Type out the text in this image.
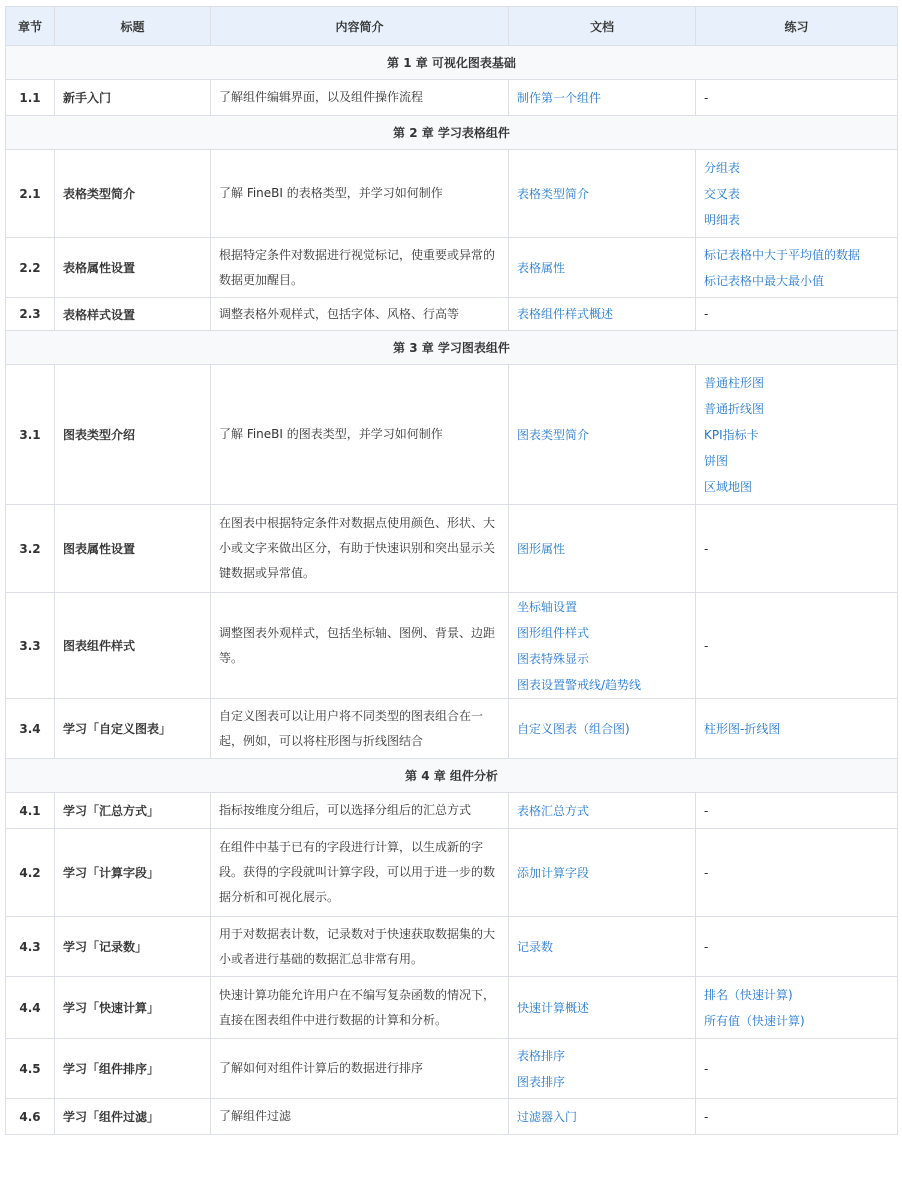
章节	标题	内容简介	文档	练习
第 1 章 可视化图表基础				
1.1	新手入门	了解组件编辑界面，以及组件操作流程	制作第一个组件	-
第 2 章 学习表格组件				
2.1	表格类型简介	了解 FineBI 的表格类型，并学习如何制作	表格类型简介	分组表
交叉表
明细表

2.2	表格属性设置	根据特定条件对数据进行视觉标记，使重要或异常的数据更加醒目。	表格属性	标记表格中大于平均值的数据
标记表格中最大最小值

2.3	表格样式设置	调整表格外观样式，包括字体、风格、行高等	表格组件样式概述	-
第 3 章 学习图表组件				
3.1	图表类型介绍	了解 FineBI 的图表类型，并学习如何制作	图表类型简介	普通柱形图
普通折线图
KPI指标卡
饼图
区域地图

3.2	图表属性设置	在图表中根据特定条件对数据点使用颜色、形状、大小或文字来做出区分，有助于快速识别和突出显示关键数据或异常值。	图形属性	-
3.3	图表组件样式	调整图表外观样式，包括坐标轴、图例、背景、边距等。	坐标轴设置
图形组件样式
图表特殊显示
图表设置警戒线/趋势线	-
3.4	学习「自定义图表」	自定义图表可以让用户将不同类型的图表组合在一起，例如，可以将柱形图与折线图结合	自定义图表（组合图)	柱形图-折线图

第 4 章 组件分析				
4.1	学习「汇总方式」	指标按维度分组后，可以选择分组后的汇总方式	表格汇总方式	-
4.2	学习「计算字段」	在组件中基于已有的字段进行计算，以生成新的字段。获得的字段就叫计算字段，可以用于进一步的数据分析和可视化展示。	添加计算字段	-
4.3	学习「记录数」	用于对数据表计数，记录数对于快速获取数据集的大小或者进行基础的数据汇总非常有用。	记录数	-
4.4	学习「快速计算」	快速计算功能允许用户在不编写复杂函数的情况下，直接在图表组件中进行数据的计算和分析。	快速计算概述	排名（快速计算)
所有值（快速计算)

4.5	学习「组件排序」	了解如何对组件计算后的数据进行排序	表格排序
图表排序	-
4.6	学习「组件过滤」	了解组件过滤	过滤器入门	-
